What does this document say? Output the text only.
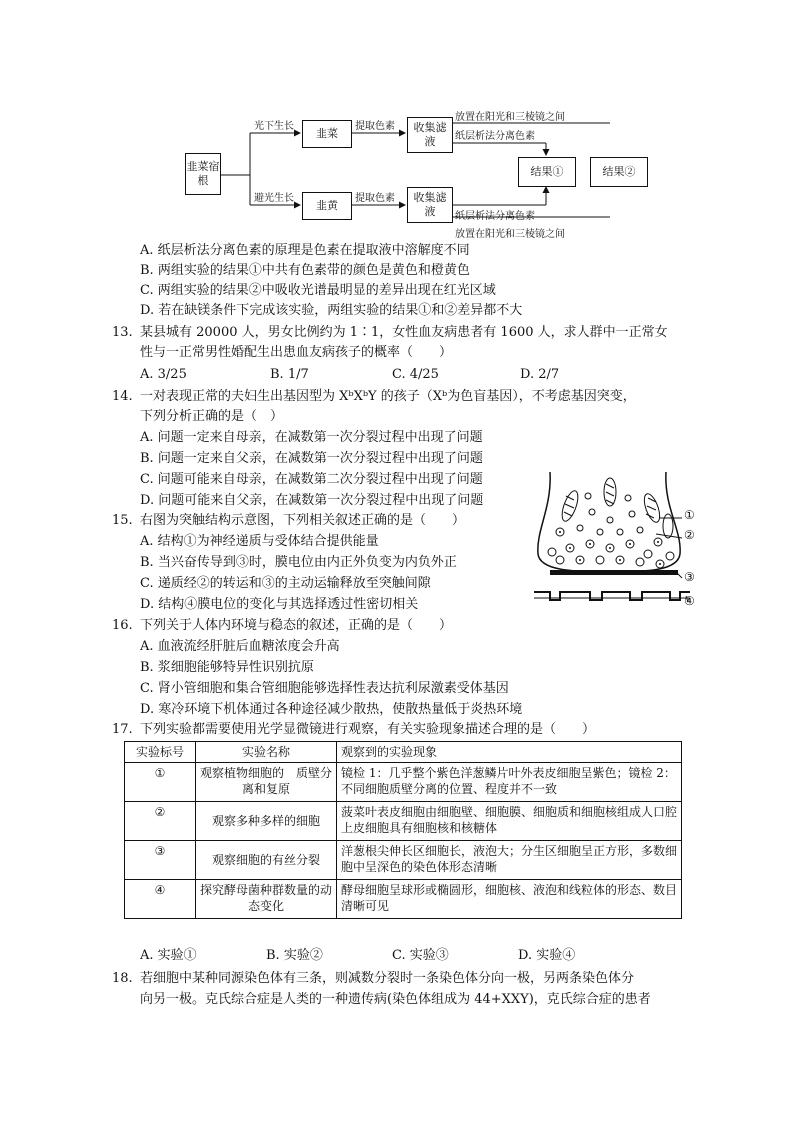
韭菜宿根
光下生长
避光生长
韭菜
韭黄
提取色素
提取色素
收集滤液
收集滤液
放置在阳光和三棱镜之间
纸层析法分离色素
纸层析法分离色素
放置在阳光和三棱镜之间
结果①	结果②
A. 纸层析法分离色素的原理是色素在提取液中溶解度不同
B. 两组实验的结果①中共有色素带的颜色是黄色和橙黄色
C. 两组实验的结果②中吸收光谱最明显的差异出现在红光区域
D. 若在缺镁条件下完成该实验，两组实验的结果①和②差异都不大
13. 某县城有 20000 人，男女比例约为 1∶1，女性血友病患者有 1600 人，求人群中一正常女
性与一正常男性婚配生出患血友病孩子的概率（　　）
A. 3/25	B. 1/7	C. 4/25	D. 2/7
14. 一对表现正常的夫妇生出基因型为 XᵇXᵇY 的孩子（Xᵇ为色盲基因），不考虑基因突变，
下列分析正确的是（　）
A. 问题一定来自母亲，在减数第一次分裂过程中出现了问题
B. 问题一定来自父亲，在减数第一次分裂过程中出现了问题
C. 问题可能来自母亲，在减数第二次分裂过程中出现了问题
D. 问题可能来自父亲，在减数第一次分裂过程中出现了问题
①
②
③
④
15. 右图为突触结构示意图，下列相关叙述正确的是（　　）
A. 结构①为神经递质与受体结合提供能量
B. 当兴奋传导到③时，膜电位由内正外负变为内负外正
C. 递质经②的转运和③的主动运输释放至突触间隙
D. 结构④膜电位的变化与其选择透过性密切相关
16. 下列关于人体内环境与稳态的叙述，正确的是（　　）
A. 血液流经肝脏后血糖浓度会升高
B. 浆细胞能够特异性识别抗原
C. 肾小管细胞和集合管细胞能够选择性表达抗利尿激素受体基因
D. 寒冷环境下机体通过各种途径减少散热，使散热量低于炎热环境
17. 下列实验都需要使用光学显微镜进行观察，有关实验现象描述合理的是（　　）
实验标号	实验名称	观察到的实验现象
①	观察植物细胞的　质壁分离和复原	镜检 1：几乎整个紫色洋葱鳞片叶外表皮细胞呈紫色；镜检 2：不同细胞质壁分离的位置、程度并不一致
②	观察多种多样的细胞	菠菜叶表皮细胞由细胞壁、细胞膜、细胞质和细胞核组成人口腔上皮细胞具有细胞核和核糖体
③	观察细胞的有丝分裂	洋葱根尖伸长区细胞长，液泡大；分生区细胞呈正方形，多数细胞中呈深色的染色体形态清晰
④	探究酵母菌种群数量的动态变化	酵母细胞呈球形或椭圆形，细胞核、液泡和线粒体的形态、数目清晰可见
A. 实验①	B. 实验②	C. 实验③	D. 实验④
18. 若细胞中某种同源染色体有三条，则减数分裂时一条染色体分向一极，另两条染色体分
向另一极。克氏综合症是人类的一种遗传病(染色体组成为 44+XXY)，克氏综合症的患者
